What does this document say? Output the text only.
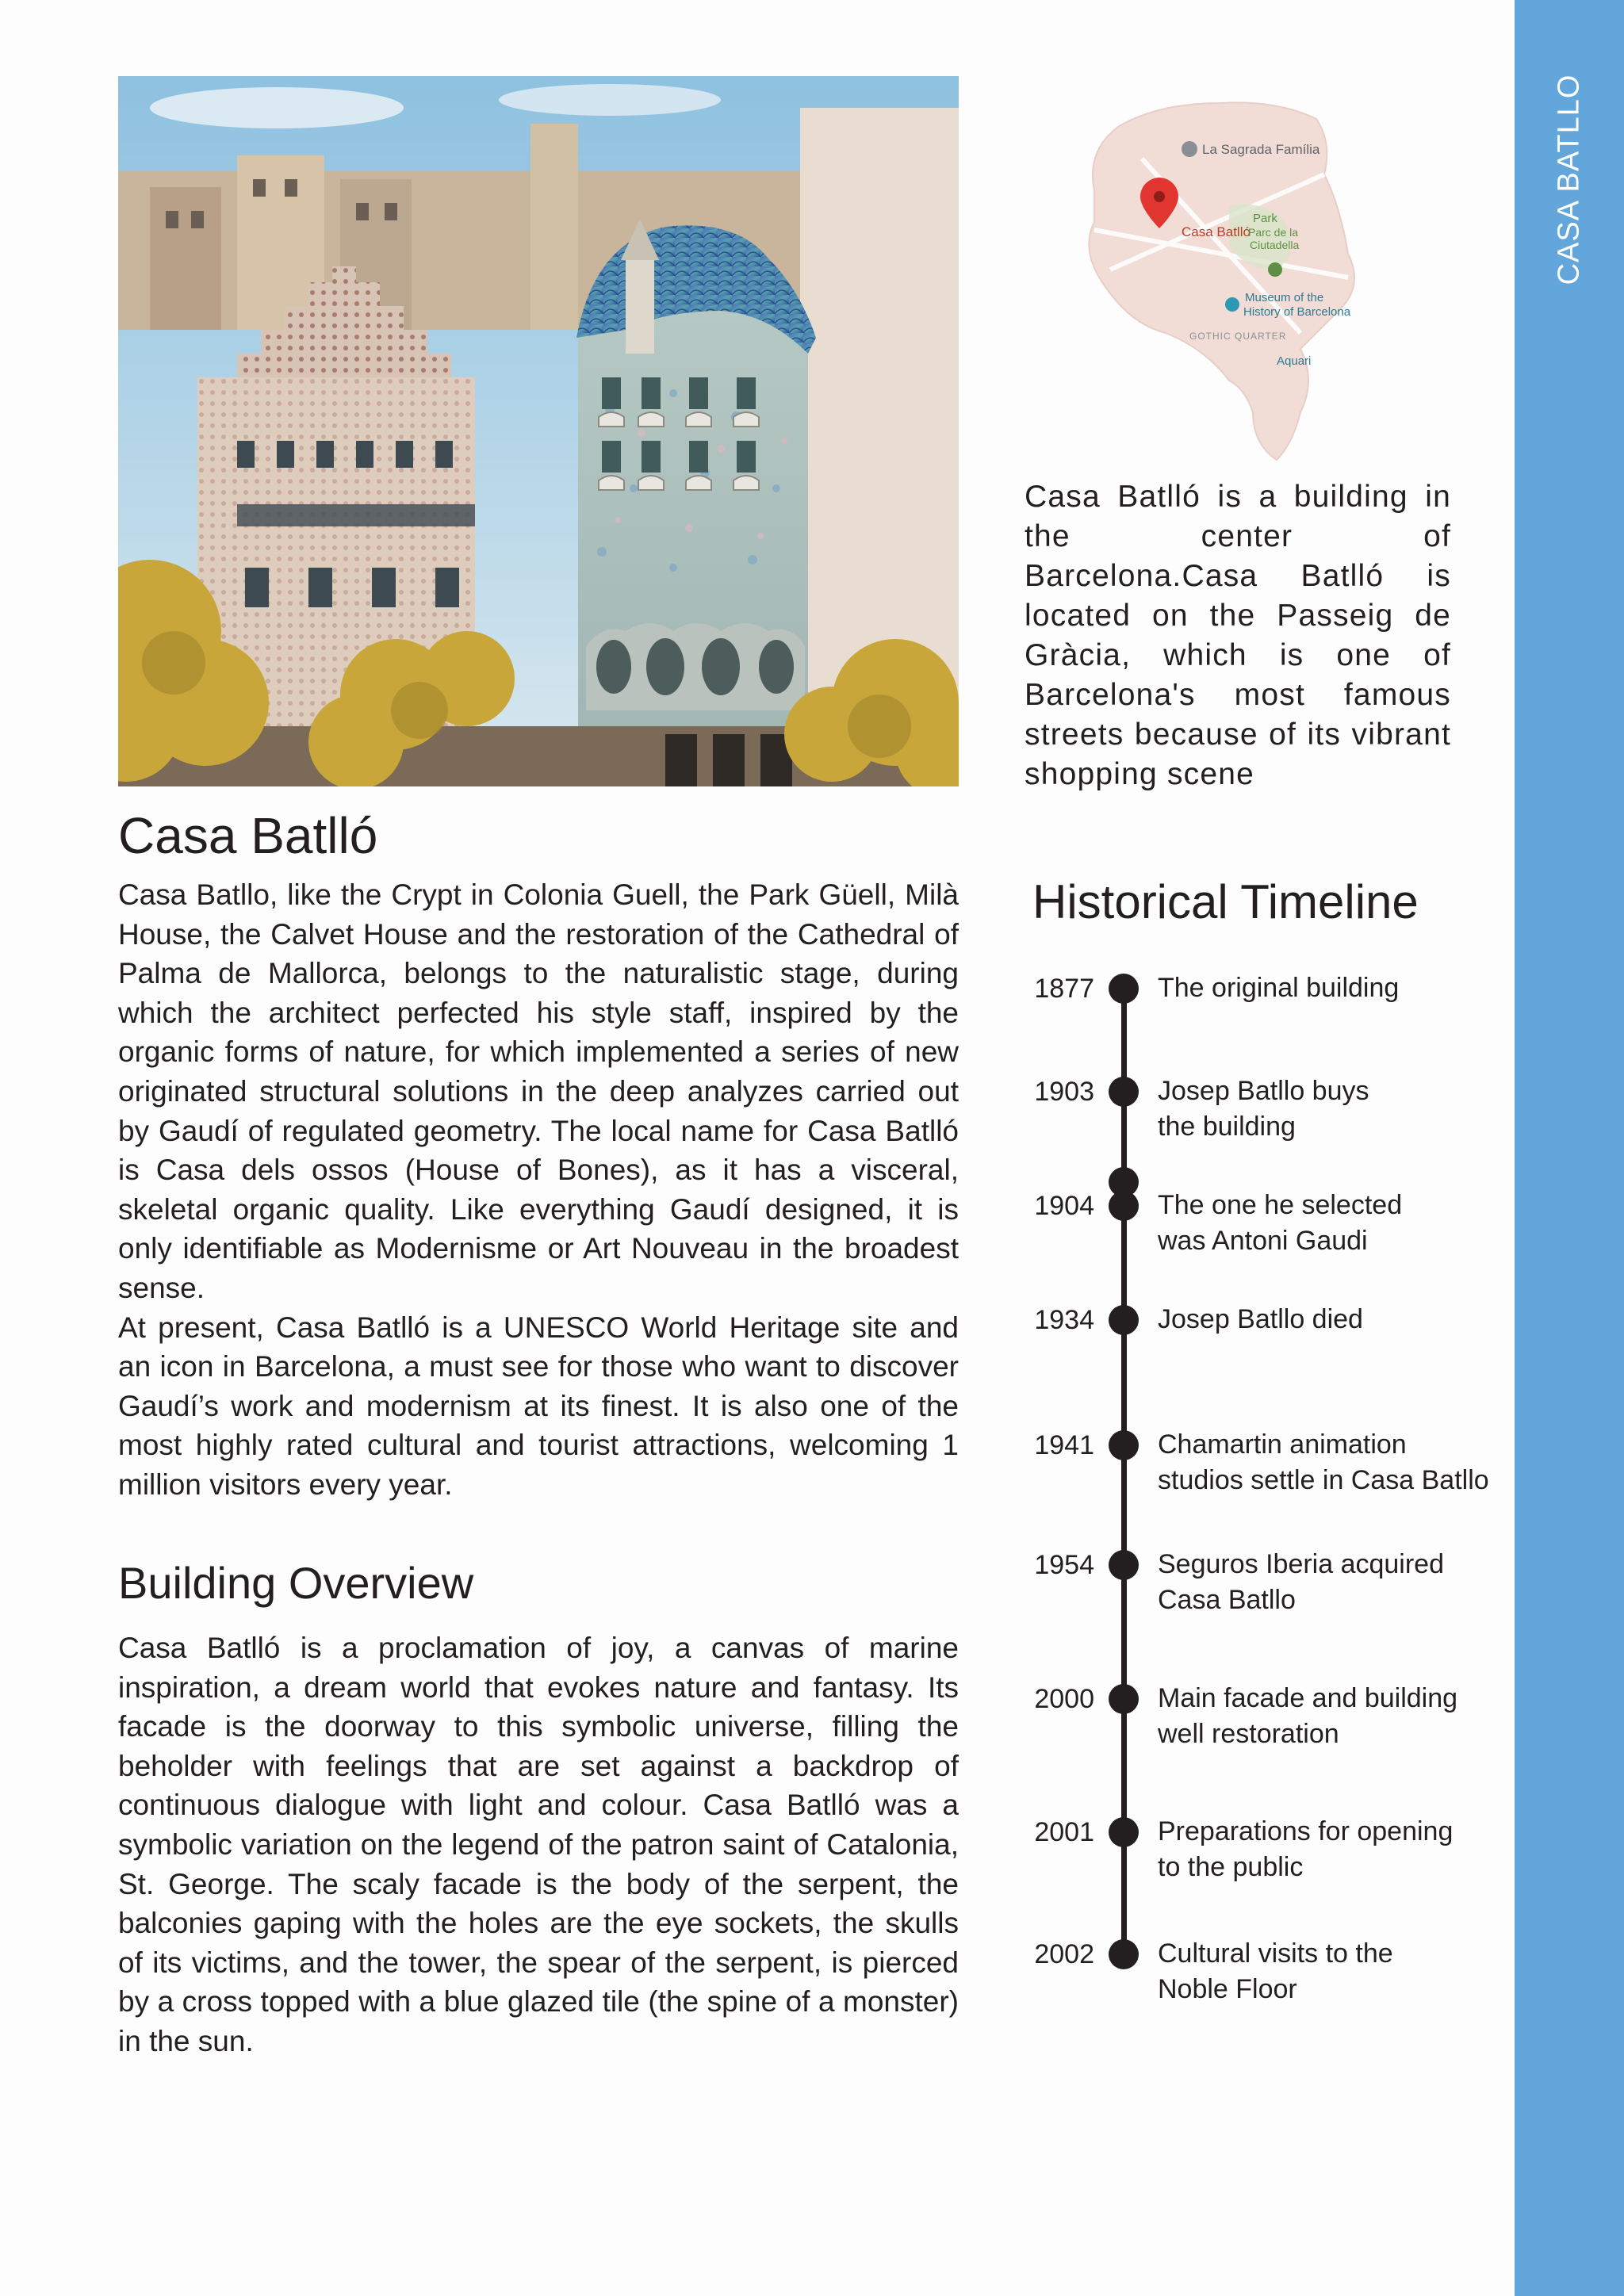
CASA BATLLO
La Sagrada Família
Casa Batlló
Park
Parc de la
Ciutadella
Museum of the
History of Barcelona
GOTHIC QUARTER
Aquari
Casa Batlló is a building in the center of Barcelona.Casa Batlló is located on the Passeig de Gràcia, which is one of Barcelona's most famous streets because of its vibrant shopping scene
Casa Batlló

Casa Batllo, like the Crypt in Colonia Guell, the Park Güell, Milà House, the Calvet House and the restoration of the Cathedral of Palma de Mallorca, belongs to the naturalistic stage, during which the architect perfected his style staff, inspired by the organic forms of nature, for which implemented a series of new originated structural solutions in the deep analyzes carried out by Gaudí of regulated geometry. The local name for Casa Batlló is Casa dels ossos (House of Bones), as it has a visceral, skeletal organic quality. Like everything Gaudí designed, it is only identifiable as Modernisme or Art Nouveau in the broadest sense.

At present, Casa Batlló is a UNESCO World Heritage site and an icon in Barcelona, a must see for those who want to discover Gaudí’s work and modernism at its finest. It is also one of the most highly rated cultural and tourist attractions, welcoming 1 million visitors every year.

Building Overview

Casa Batlló is a proclamation of joy, a canvas of marine inspiration, a dream world that evokes nature and fantasy. Its facade is the doorway to this symbolic universe, filling the beholder with feelings that are set against a backdrop of continuous dialogue with light and colour. Casa Batlló was a symbolic variation on the legend of the patron saint of Catalonia, St. George. The scaly facade is the body of the serpent, the balconies gaping with the holes are the eye sockets, the skulls of its victims, and the tower, the spear of the serpent, is pierced by a cross topped with a blue glazed tile (the spine of a monster) in the sun.

Historical Timeline
1877 The original building
1903 Josep Batllo buys
the building
1904 The one he selected
was Antoni Gaudi
1934 Josep Batllo died
1941 Chamartin animation
studios settle in Casa Batllo
1954 Seguros Iberia acquired
Casa Batllo
2000 Main facade and building
well restoration
2001 Preparations for opening
to the public
2002 Cultural visits to the
Noble Floor
